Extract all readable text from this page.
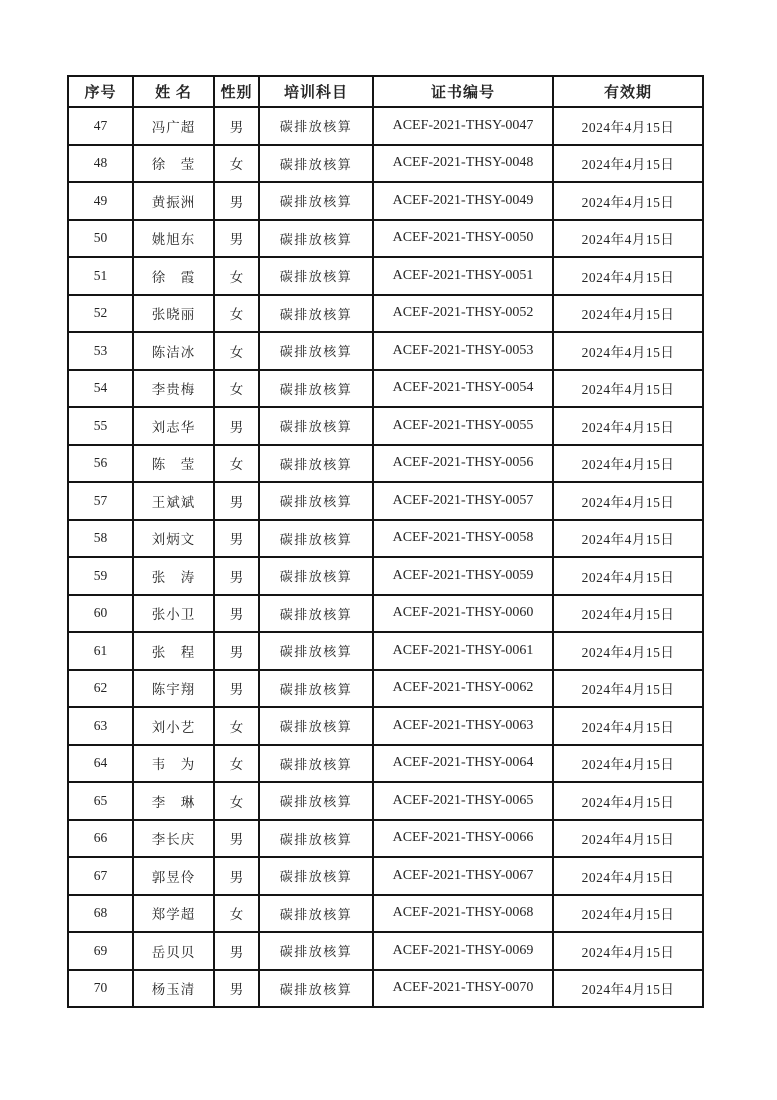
序号	姓 名	性别	培训科目	证书编号	有效期
47	冯广超	男	碳排放核算	ACEF-2021-THSY-0047	2024年4月15日
48	徐　莹	女	碳排放核算	ACEF-2021-THSY-0048	2024年4月15日
49	黄振洲	男	碳排放核算	ACEF-2021-THSY-0049	2024年4月15日
50	姚旭东	男	碳排放核算	ACEF-2021-THSY-0050	2024年4月15日
51	徐　霞	女	碳排放核算	ACEF-2021-THSY-0051	2024年4月15日
52	张晓丽	女	碳排放核算	ACEF-2021-THSY-0052	2024年4月15日
53	陈洁冰	女	碳排放核算	ACEF-2021-THSY-0053	2024年4月15日
54	李贵梅	女	碳排放核算	ACEF-2021-THSY-0054	2024年4月15日
55	刘志华	男	碳排放核算	ACEF-2021-THSY-0055	2024年4月15日
56	陈　莹	女	碳排放核算	ACEF-2021-THSY-0056	2024年4月15日
57	王斌斌	男	碳排放核算	ACEF-2021-THSY-0057	2024年4月15日
58	刘炳文	男	碳排放核算	ACEF-2021-THSY-0058	2024年4月15日
59	张　涛	男	碳排放核算	ACEF-2021-THSY-0059	2024年4月15日
60	张小卫	男	碳排放核算	ACEF-2021-THSY-0060	2024年4月15日
61	张　程	男	碳排放核算	ACEF-2021-THSY-0061	2024年4月15日
62	陈宇翔	男	碳排放核算	ACEF-2021-THSY-0062	2024年4月15日
63	刘小艺	女	碳排放核算	ACEF-2021-THSY-0063	2024年4月15日
64	韦　为	女	碳排放核算	ACEF-2021-THSY-0064	2024年4月15日
65	李　琳	女	碳排放核算	ACEF-2021-THSY-0065	2024年4月15日
66	李长庆	男	碳排放核算	ACEF-2021-THSY-0066	2024年4月15日
67	郭昱伶	男	碳排放核算	ACEF-2021-THSY-0067	2024年4月15日
68	郑学超	女	碳排放核算	ACEF-2021-THSY-0068	2024年4月15日
69	岳贝贝	男	碳排放核算	ACEF-2021-THSY-0069	2024年4月15日
70	杨玉清	男	碳排放核算	ACEF-2021-THSY-0070	2024年4月15日
